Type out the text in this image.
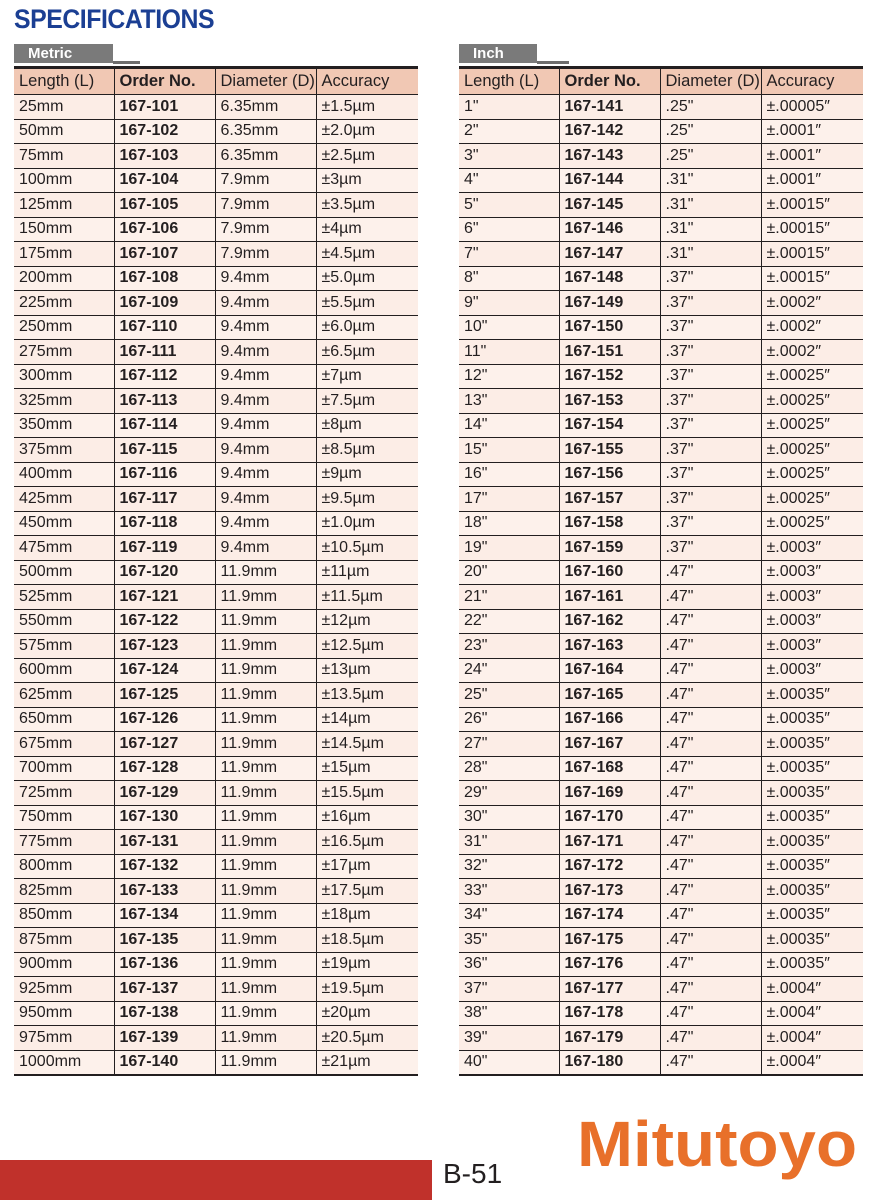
SPECIFICATIONS
Metric
Length (L)	Order No.	Diameter (D)	Accuracy
25mm	167-101	6.35mm	±1.5µm
50mm	167-102	6.35mm	±2.0µm
75mm	167-103	6.35mm	±2.5µm
100mm	167-104	7.9mm	±3µm
125mm	167-105	7.9mm	±3.5µm
150mm	167-106	7.9mm	±4µm
175mm	167-107	7.9mm	±4.5µm
200mm	167-108	9.4mm	±5.0µm
225mm	167-109	9.4mm	±5.5µm
250mm	167-110	9.4mm	±6.0µm
275mm	167-111	9.4mm	±6.5µm
300mm	167-112	9.4mm	±7µm
325mm	167-113	9.4mm	±7.5µm
350mm	167-114	9.4mm	±8µm
375mm	167-115	9.4mm	±8.5µm
400mm	167-116	9.4mm	±9µm
425mm	167-117	9.4mm	±9.5µm
450mm	167-118	9.4mm	±1.0µm
475mm	167-119	9.4mm	±10.5µm
500mm	167-120	11.9mm	±11µm
525mm	167-121	11.9mm	±11.5µm
550mm	167-122	11.9mm	±12µm
575mm	167-123	11.9mm	±12.5µm
600mm	167-124	11.9mm	±13µm
625mm	167-125	11.9mm	±13.5µm
650mm	167-126	11.9mm	±14µm
675mm	167-127	11.9mm	±14.5µm
700mm	167-128	11.9mm	±15µm
725mm	167-129	11.9mm	±15.5µm
750mm	167-130	11.9mm	±16µm
775mm	167-131	11.9mm	±16.5µm
800mm	167-132	11.9mm	±17µm
825mm	167-133	11.9mm	±17.5µm
850mm	167-134	11.9mm	±18µm
875mm	167-135	11.9mm	±18.5µm
900mm	167-136	11.9mm	±19µm
925mm	167-137	11.9mm	±19.5µm
950mm	167-138	11.9mm	±20µm
975mm	167-139	11.9mm	±20.5µm
1000mm	167-140	11.9mm	±21µm
Inch
Length (L)	Order No.	Diameter (D)	Accuracy
1"	167-141	.25"	±.00005″
2"	167-142	.25"	±.0001″
3"	167-143	.25"	±.0001″
4"	167-144	.31"	±.0001″
5"	167-145	.31"	±.00015″
6"	167-146	.31"	±.00015″
7"	167-147	.31"	±.00015″
8"	167-148	.37"	±.00015″
9"	167-149	.37"	±.0002″
10"	167-150	.37"	±.0002″
11"	167-151	.37"	±.0002″
12"	167-152	.37"	±.00025″
13"	167-153	.37"	±.00025″
14"	167-154	.37"	±.00025″
15"	167-155	.37"	±.00025″
16"	167-156	.37"	±.00025″
17"	167-157	.37"	±.00025″
18"	167-158	.37"	±.00025″
19"	167-159	.37"	±.0003″
20"	167-160	.47"	±.0003″
21"	167-161	.47"	±.0003″
22"	167-162	.47"	±.0003″
23"	167-163	.47"	±.0003″
24"	167-164	.47"	±.0003″
25"	167-165	.47"	±.00035″
26"	167-166	.47"	±.00035″
27"	167-167	.47"	±.00035″
28"	167-168	.47"	±.00035″
29"	167-169	.47"	±.00035″
30"	167-170	.47"	±.00035″
31"	167-171	.47"	±.00035″
32"	167-172	.47"	±.00035″
33"	167-173	.47"	±.00035″
34"	167-174	.47"	±.00035″
35"	167-175	.47"	±.00035″
36"	167-176	.47"	±.00035″
37"	167-177	.47"	±.0004″
38"	167-178	.47"	±.0004″
39"	167-179	.47"	±.0004″
40"	167-180	.47"	±.0004″
B-51 Mitutoyo
